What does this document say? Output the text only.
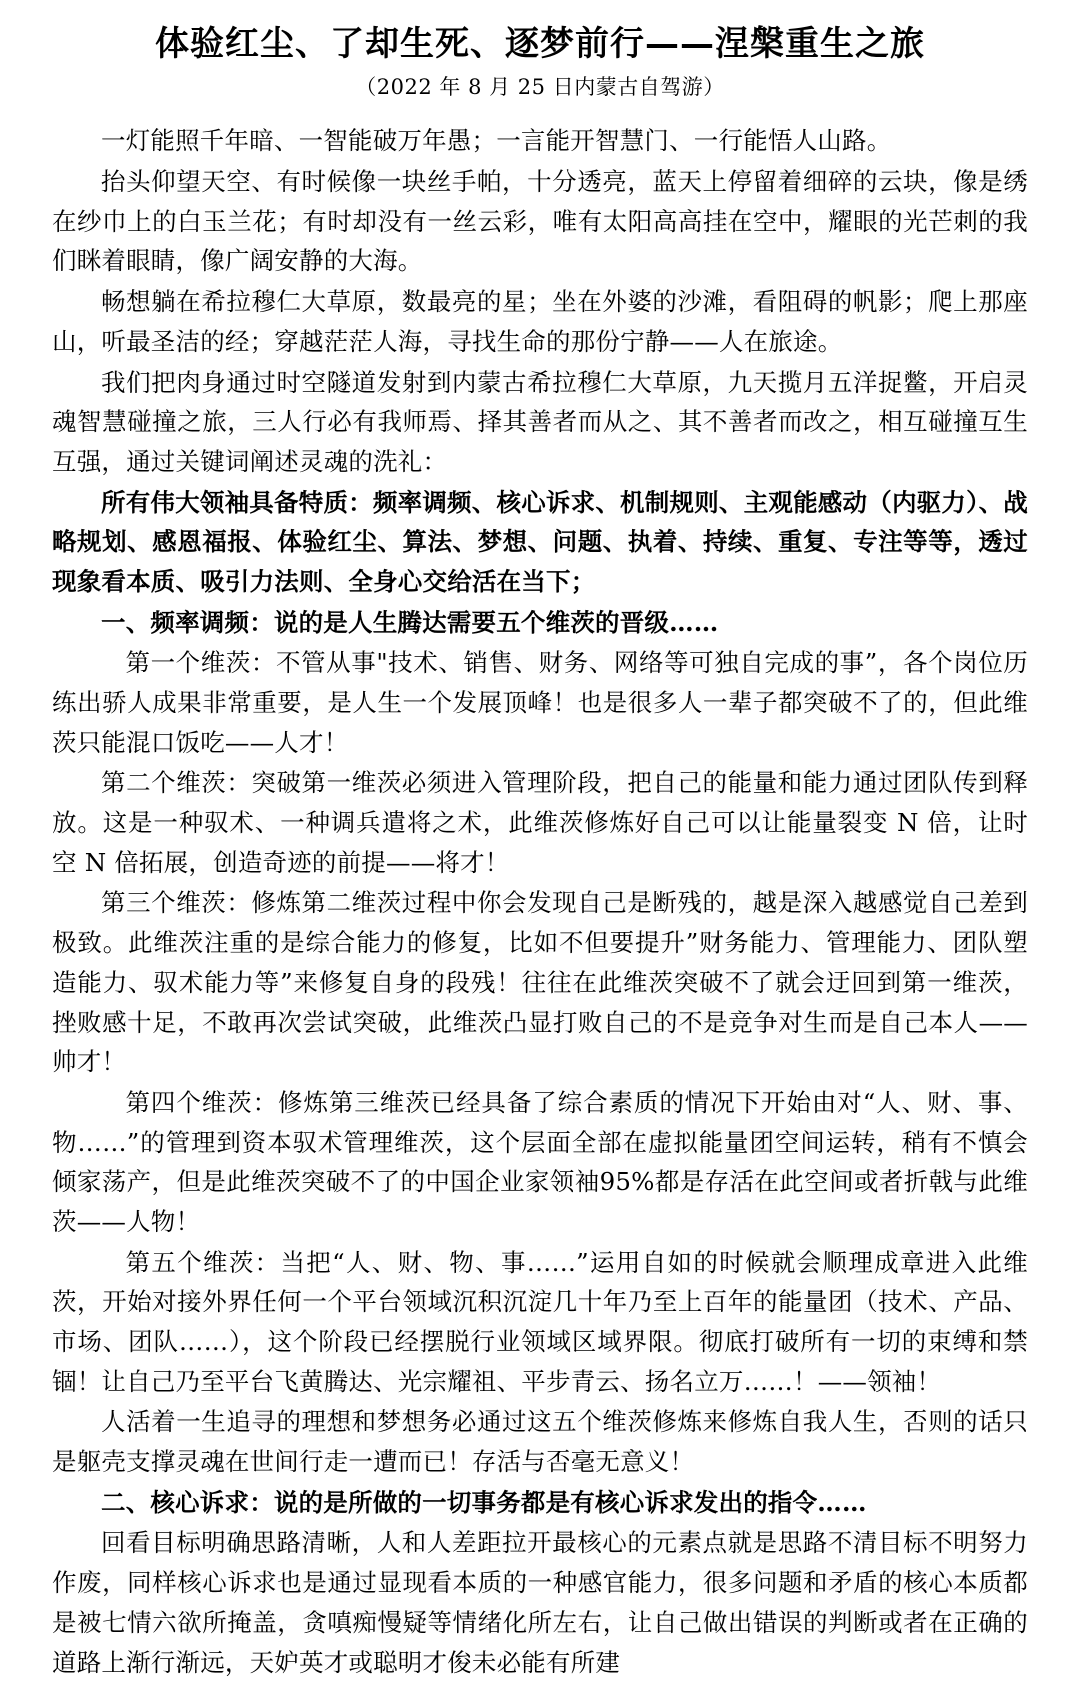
体验红尘、了却生死、逐梦前行——涅槃重生之旅
（2022 年 8 月 25 日内蒙古自驾游）

一灯能照千年暗、一智能破万年愚；一言能开智慧门、一行能悟人山路。

抬头仰望天空、有时候像一块丝手帕，十分透亮，蓝天上停留着细碎的云块，像是绣在纱巾上的白玉兰花；有时却没有一丝云彩，唯有太阳高高挂在空中，耀眼的光芒刺的我们眯着眼睛，像广阔安静的大海。

畅想躺在希拉穆仁大草原，数最亮的星；坐在外婆的沙滩，看阻碍的帆影；爬上那座山，听最圣洁的经；穿越茫茫人海，寻找生命的那份宁静——人在旅途。

我们把肉身通过时空隧道发射到内蒙古希拉穆仁大草原，九天揽月五洋捉鳖，开启灵魂智慧碰撞之旅，三人行必有我师焉、择其善者而从之、其不善者而改之，相互碰撞互生互强，通过关键词阐述灵魂的洗礼：

所有伟大领袖具备特质：频率调频、核心诉求、机制规则、主观能感动（内驱力）、战略规划、感恩福报、体验红尘、算法、梦想、问题、执着、持续、重复、专注等等，透过现象看本质、吸引力法则、全身心交给活在当下；

一、频率调频：说的是人生腾达需要五个维茨的晋级……

第一个维茨：不管从事"技术、销售、财务、网络等可独自完成的事”，各个岗位历练出骄人成果非常重要，是人生一个发展顶峰！也是很多人一辈子都突破不了的，但此维茨只能混口饭吃——人才！

第二个维茨：突破第一维茨必须进入管理阶段，把自己的能量和能力通过团队传到释放。这是一种驭术、一种调兵遣将之术，此维茨修炼好自己可以让能量裂变 N 倍，让时空 N 倍拓展，创造奇迹的前提——将才！

第三个维茨：修炼第二维茨过程中你会发现自己是断残的，越是深入越感觉自己差到极致。此维茨注重的是综合能力的修复，比如不但要提升”财务能力、管理能力、团队塑造能力、驭术能力等”来修复自身的段残！往往在此维茨突破不了就会迂回到第一维茨，挫败感十足，不敢再次尝试突破，此维茨凸显打败自己的不是竞争对生而是自己本人——帅才！

第四个维茨：修炼第三维茨已经具备了综合素质的情况下开始由对“人、财、事、物……”的管理到资本驭术管理维茨，这个层面全部在虚拟能量团空间运转，稍有不慎会倾家荡产，但是此维茨突破不了的中国企业家领袖95%都是存活在此空间或者折戟与此维茨——人物！

第五个维茨：当把“人、财、物、事……”运用自如的时候就会顺理成章进入此维茨，开始对接外界任何一个平台领域沉积沉淀几十年乃至上百年的能量团（技术、产品、市场、团队……），这个阶段已经摆脱行业领域区域界限。彻底打破所有一切的束缚和禁锢！让自己乃至平台飞黄腾达、光宗耀祖、平步青云、扬名立万……！——领袖！

人活着一生追寻的理想和梦想务必通过这五个维茨修炼来修炼自我人生，否则的话只是躯壳支撑灵魂在世间行走一遭而已！存活与否毫无意义！

二、核心诉求：说的是所做的一切事务都是有核心诉求发出的指令……

回看目标明确思路清晰，人和人差距拉开最核心的元素点就是思路不清目标不明努力作废，同样核心诉求也是通过显现看本质的一种感官能力，很多问题和矛盾的核心本质都是被七情六欲所掩盖，贪嗔痴慢疑等情绪化所左右，让自己做出错误的判断或者在正确的道路上渐行渐远，天妒英才或聪明才俊未必能有所建
